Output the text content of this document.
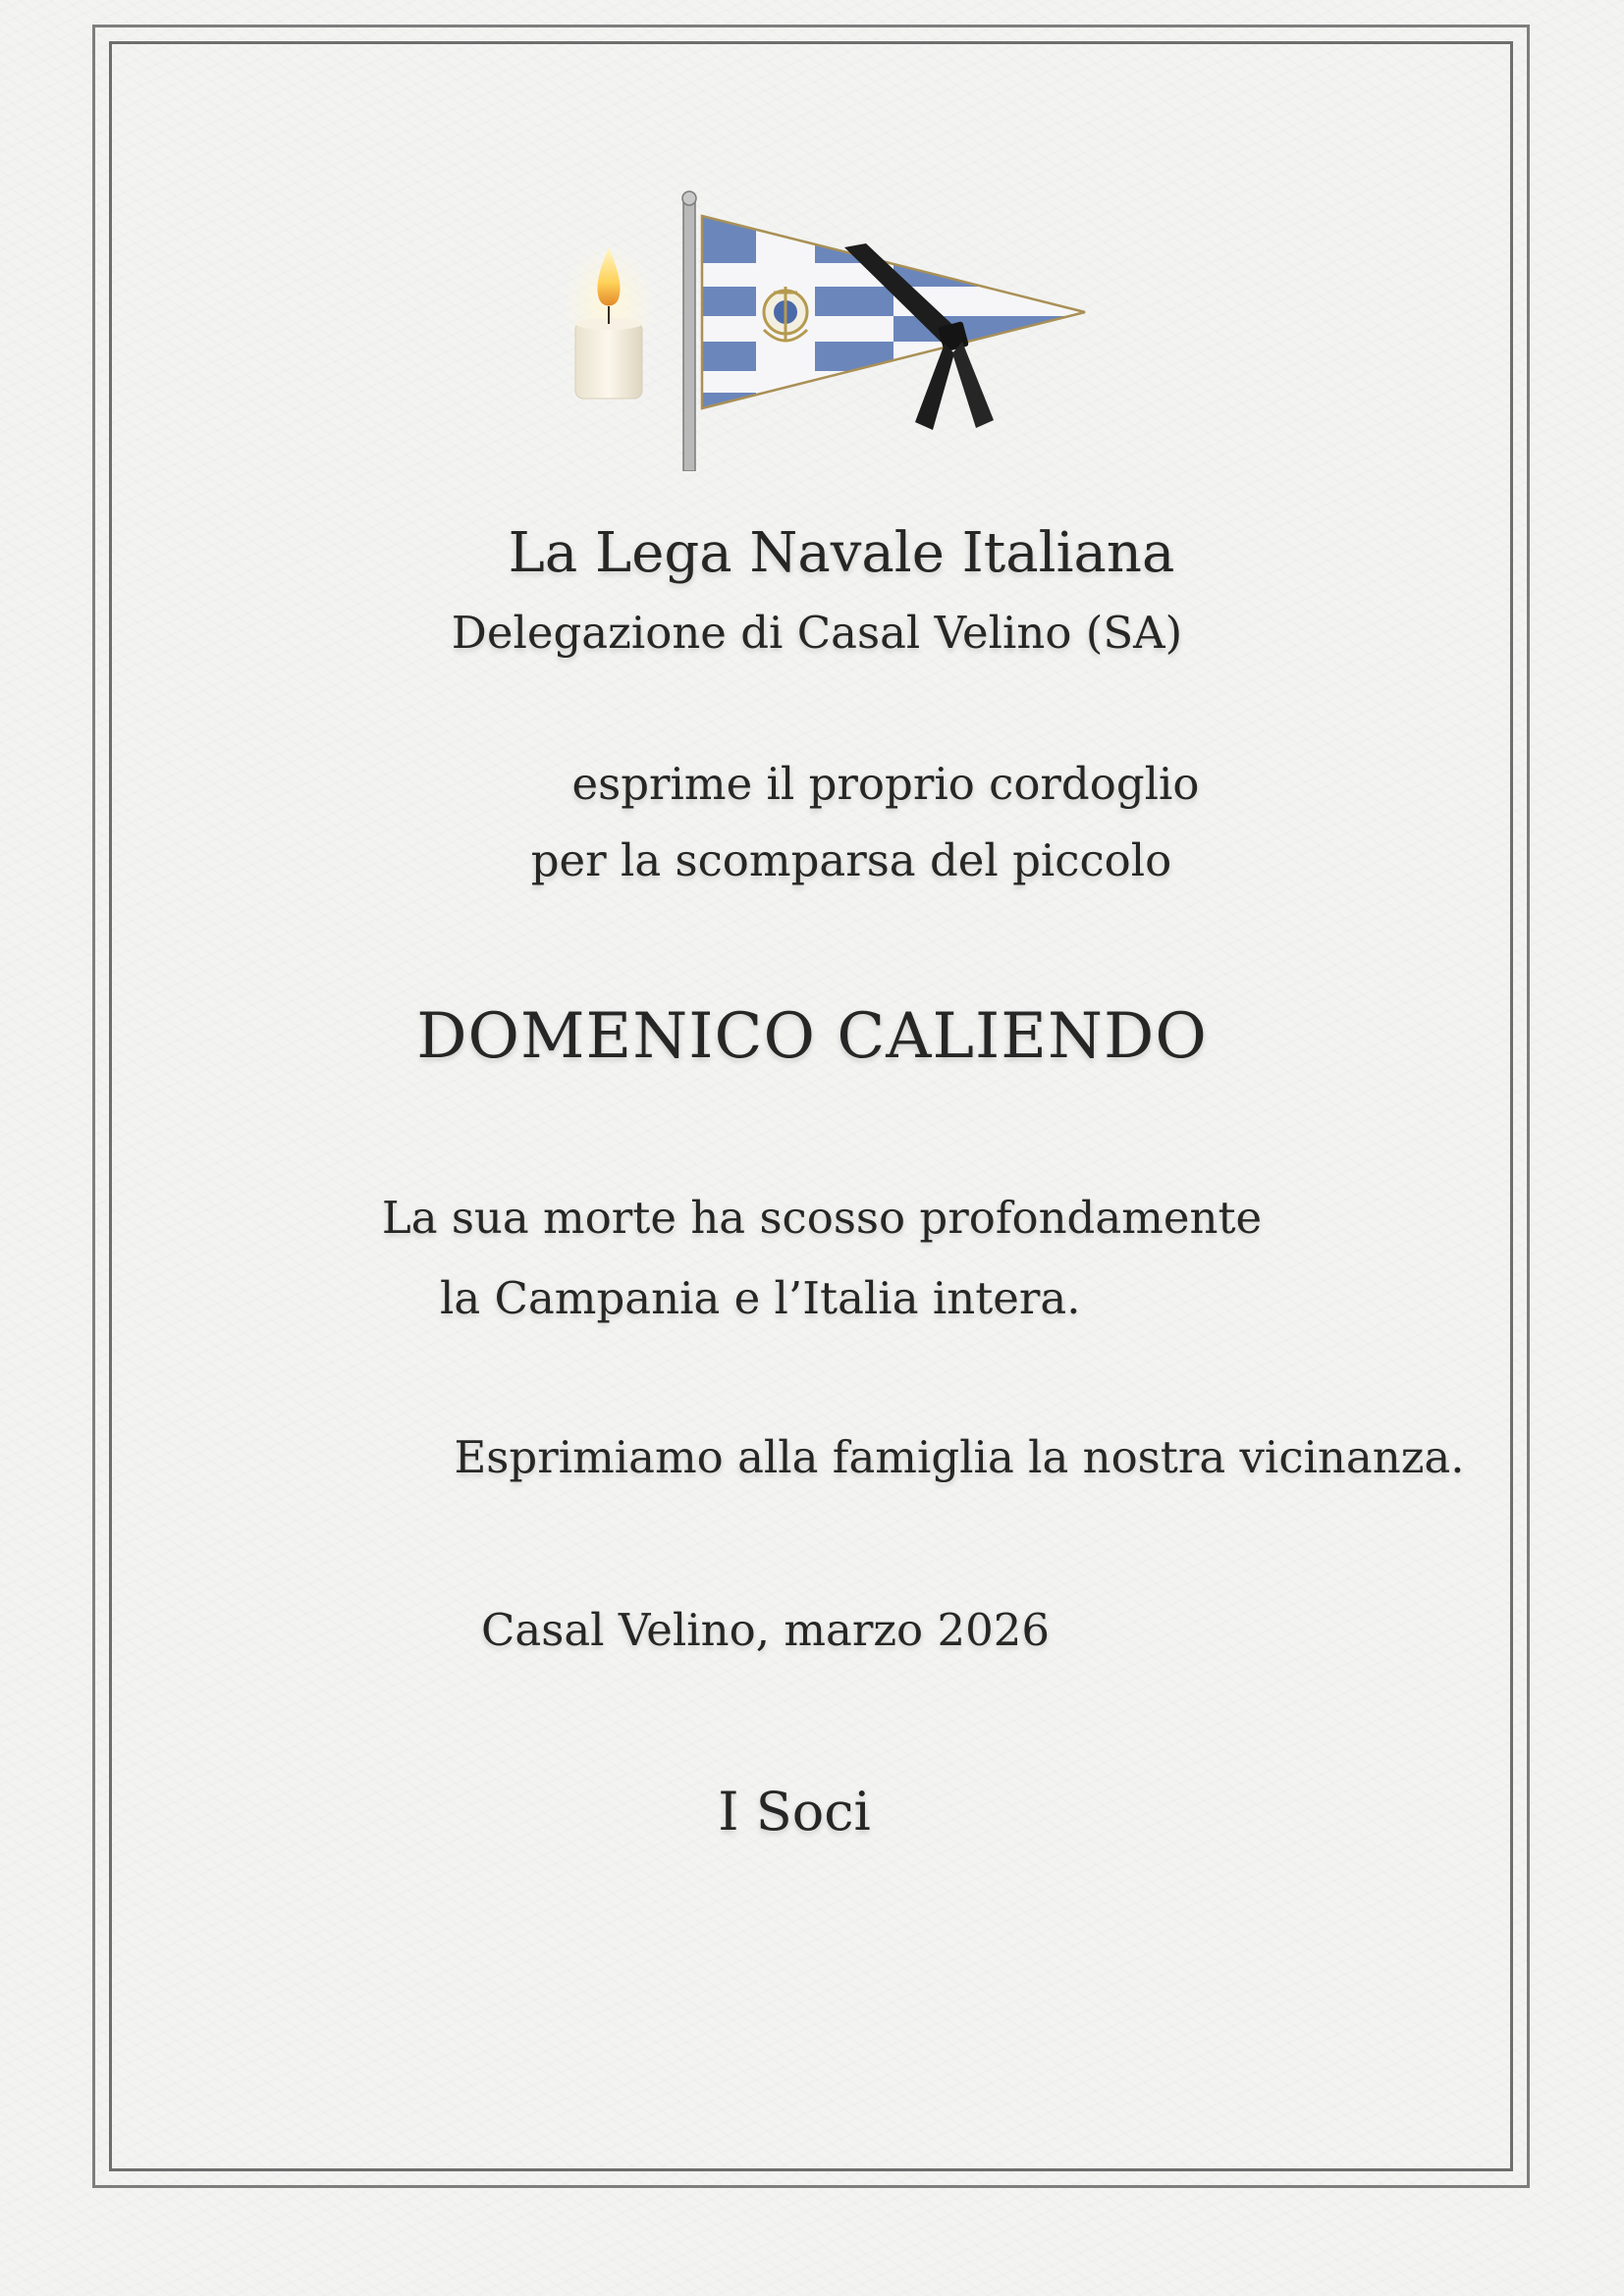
La Lega Navale Italiana
Delegazione di Casal Velino (SA)
esprime il proprio cordoglio
per la scomparsa del piccolo
DOMENICO CALIENDO
La sua morte ha scosso profondamente
la Campania e l’Italia intera.
Esprimiamo alla famiglia la nostra vicinanza.
Casal Velino, marzo 2026
I Soci
